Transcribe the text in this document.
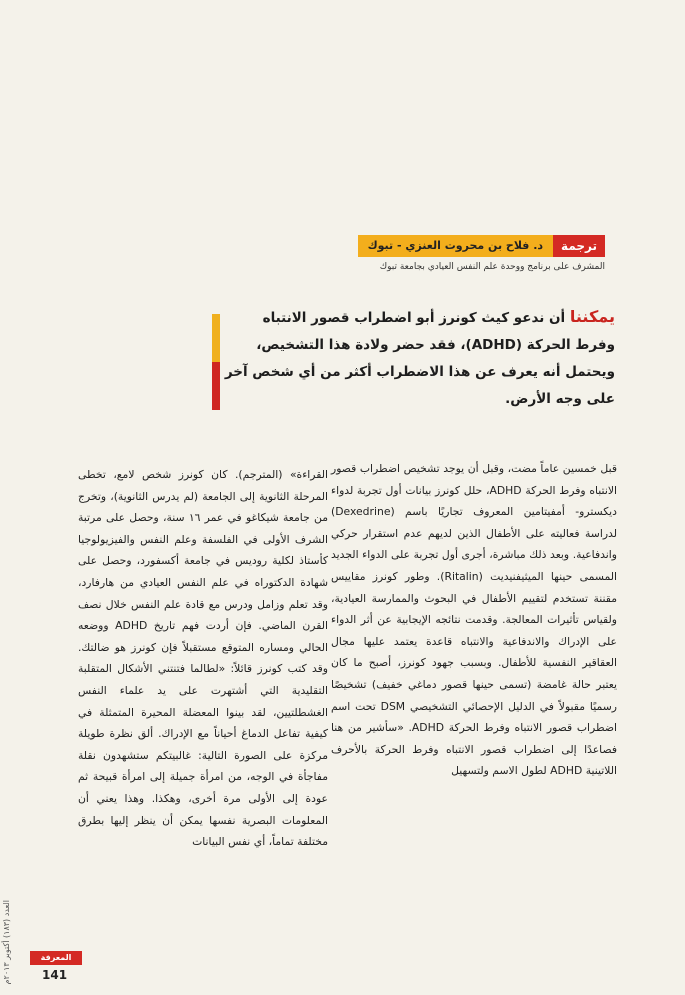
ترجمة
د. فلاح بن محروت العنزي - تبوك
المشرف على برنامج ووحدة علم النفس العيادي بجامعة تبوك
يمكننا أن ندعو كيث كونرز أبو اضطراب قصور الانتباه وفرط الحركة (ADHD)، فقد حضر ولادة هذا التشخيص، ويحتمل أنه يعرف عن هذا الاضطراب أكثر من أي شخص آخر على وجه الأرض.

قبل خمسين عاماً مضت، وقبل أن يوجد تشخيص اضطراب قصور الانتباه وفرط الحركة ADHD، حلل كونرز بيانات أول تجربة لدواء ديكسترو- أمفيتامين المعروف تجاريًا باسم (Dexedrine) لدراسة فعاليته على الأطفال الذين لديهم عدم استقرار حركي واندفاعية. وبعد ذلك مباشرة، أجرى أول تجربة على الدواء الجديد المسمى حينها الميثيفنيديت (Ritalin). وطور كونرز مقاييس مقننة تستخدم لتقييم الأطفال في البحوث والممارسة العيادية، ولقياس تأثيرات المعالجة. وقدمت نتائجه الإيجابية عن أثر الدواء على الإدراك والاندفاعية والانتباه قاعدة يعتمد عليها مجال العقاقير النفسية للأطفال. وبسبب جهود كونرز، أصبح ما كان يعتبر حالة غامضة (تسمى حينها قصور دماغي خفيف) تشخيصًا رسميًا مقبولاً في الدليل الإحصائي التشخيصي DSM تحت اسم اضطراب قصور الانتباه وفرط الحركة ADHD. «سأشير من هنا فصاعدًا إلى اضطراب قصور الانتباه وفرط الحركة بالأحرف اللاتينية ADHD لطول الاسم ولتسهيل

القراءة» (المترجم). كان كونرز شخص لامع، تخطى المرحلة الثانوية إلى الجامعة (لم يدرس الثانوية)، وتخرج من جامعة شيكاغو في عمر ١٦ سنة، وحصل على مرتبة الشرف الأولى في الفلسفة وعلم النفس والفيزيولوجيا كأستاذ لكلية روديس في جامعة أكسفورد، وحصل على شهادة الدكتوراه في علم النفس العيادي من هارفارد، وقد تعلم وزامل ودرس مع قادة علم النفس خلال نصف القرن الماضي. فإن أردت فهم تاريخ ADHD ووضعه الحالي ومساره المتوقع مستقبلاً فإن كونرز هو ضالتك. وقد كتب كونرز قائلاً: «لطالما فتنتني الأشكال المتقلبة التقليدية التي أشتهرت على يد علماء النفس الغشطلتيين، لقد بينوا المعضلة المحيرة المتمثلة في كيفية تفاعل الدماغ أحياناً مع الإدراك. ألق نظرة طويلة مركزة على الصورة التالية: غالبيتكم ستشهدون نقلة مفاجأة في الوجه، من امرأة جميلة إلى امرأة قبيحة ثم عودة إلى الأولى مرة أخرى، وهكذا. وهذا يعني أن المعلومات البصرية نفسها يمكن أن ينظر إليها بطرق مختلفة تماماً، أي نفس البيانات

العدد (١٨٣) أكتوبر ٢٠١٣م
المعرفة
141
